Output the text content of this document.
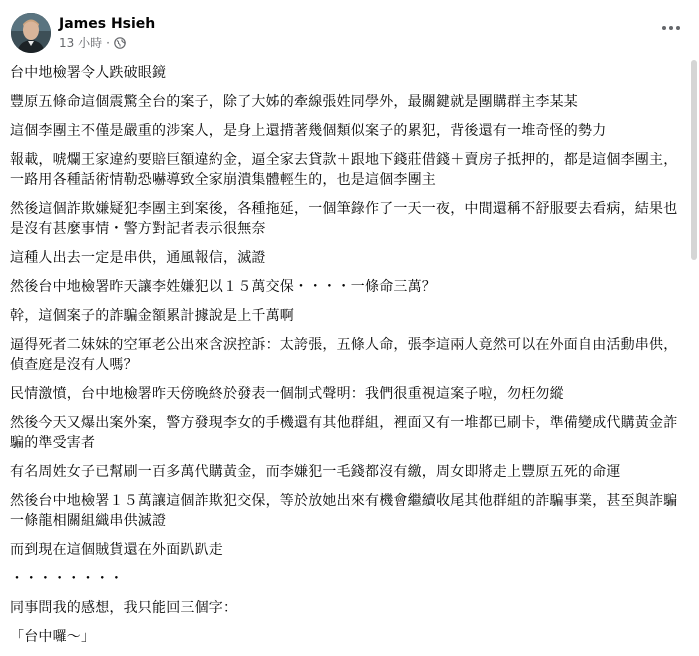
James Hsieh
13 小時 ·

台中地檢署令人跌破眼鏡

豐原五條命這個震驚全台的案子，除了大姊的牽線張姓同學外，最關鍵就是團購群主李某某

這個李團主不僅是嚴重的涉案人，是身上還揹著幾個類似案子的累犯，背後還有一堆奇怪的勢力

報載，唬爛王家違約要賠巨額違約金，逼全家去貸款＋跟地下錢莊借錢＋賣房子抵押的，都是這個李團主，一路用各種話術情勒恐嚇導致全家崩潰集體輕生的，也是這個李團主

然後這個詐欺嫌疑犯李團主到案後，各種拖延，一個筆錄作了一天一夜，中間還稱不舒服要去看病，結果也是沒有甚麼事情・警方對記者表示很無奈

這種人出去一定是串供，通風報信，滅證

然後台中地檢署昨天讓李姓嫌犯以１５萬交保・・・・一條命三萬？

幹，這個案子的詐騙金額累計據說是上千萬啊

逼得死者二妹妹的空軍老公出來含淚控訴：太誇張，五條人命，張李這兩人竟然可以在外面自由活動串供，偵查庭是沒有人嗎？

民情激憤，台中地檢署昨天傍晚終於發表一個制式聲明：我們很重視這案子啦，勿枉勿縱

然後今天又爆出案外案，警方發現李女的手機還有其他群組，裡面又有一堆都已刷卡，準備變成代購黃金詐騙的準受害者

有名周姓女子已幫刷一百多萬代購黃金，而李嫌犯一毛錢都沒有繳，周女即將走上豐原五死的命運

然後台中地檢署１５萬讓這個詐欺犯交保，等於放她出來有機會繼續收尾其他群組的詐騙事業，甚至與詐騙一條龍相關組織串供滅證

而到現在這個賊貨還在外面趴趴走

・・・・・・・・

同事問我的感想，我只能回三個字：

「台中囉～」
